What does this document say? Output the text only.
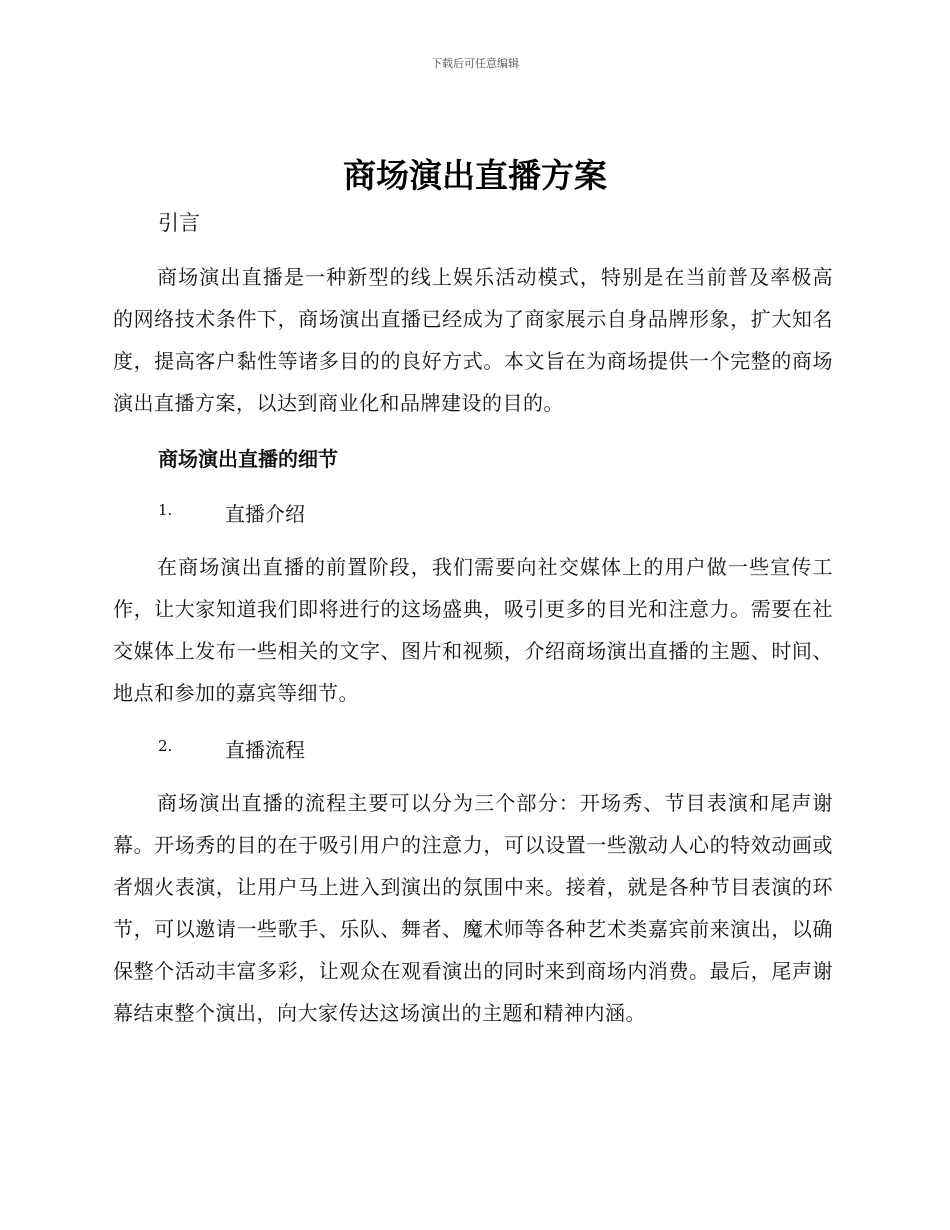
下载后可任意编辑
商场演出直播方案
引言

商场演出直播是一种新型的线上娱乐活动模式，特别是在当前普及率极高的网络技术条件下，商场演出直播已经成为了商家展示自身品牌形象，扩大知名度，提高客户黏性等诸多目的的良好方式。本文旨在为商场提供一个完整的商场演出直播方案，以达到商业化和品牌建设的目的。

商场演出直播的细节
1.	直播介绍

在商场演出直播的前置阶段，我们需要向社交媒体上的用户做一些宣传工作，让大家知道我们即将进行的这场盛典，吸引更多的目光和注意力。需要在社交媒体上发布一些相关的文字、图片和视频，介绍商场演出直播的主题、时间、地点和参加的嘉宾等细节。

2.	直播流程

商场演出直播的流程主要可以分为三个部分：开场秀、节目表演和尾声谢幕。开场秀的目的在于吸引用户的注意力，可以设置一些激动人心的特效动画或者烟火表演，让用户马上进入到演出的氛围中来。接着，就是各种节目表演的环节，可以邀请一些歌手、乐队、舞者、魔术师等各种艺术类嘉宾前来演出，以确保整个活动丰富多彩，让观众在观看演出的同时来到商场内消费。最后，尾声谢幕结束整个演出，向大家传达这场演出的主题和精神内涵。
